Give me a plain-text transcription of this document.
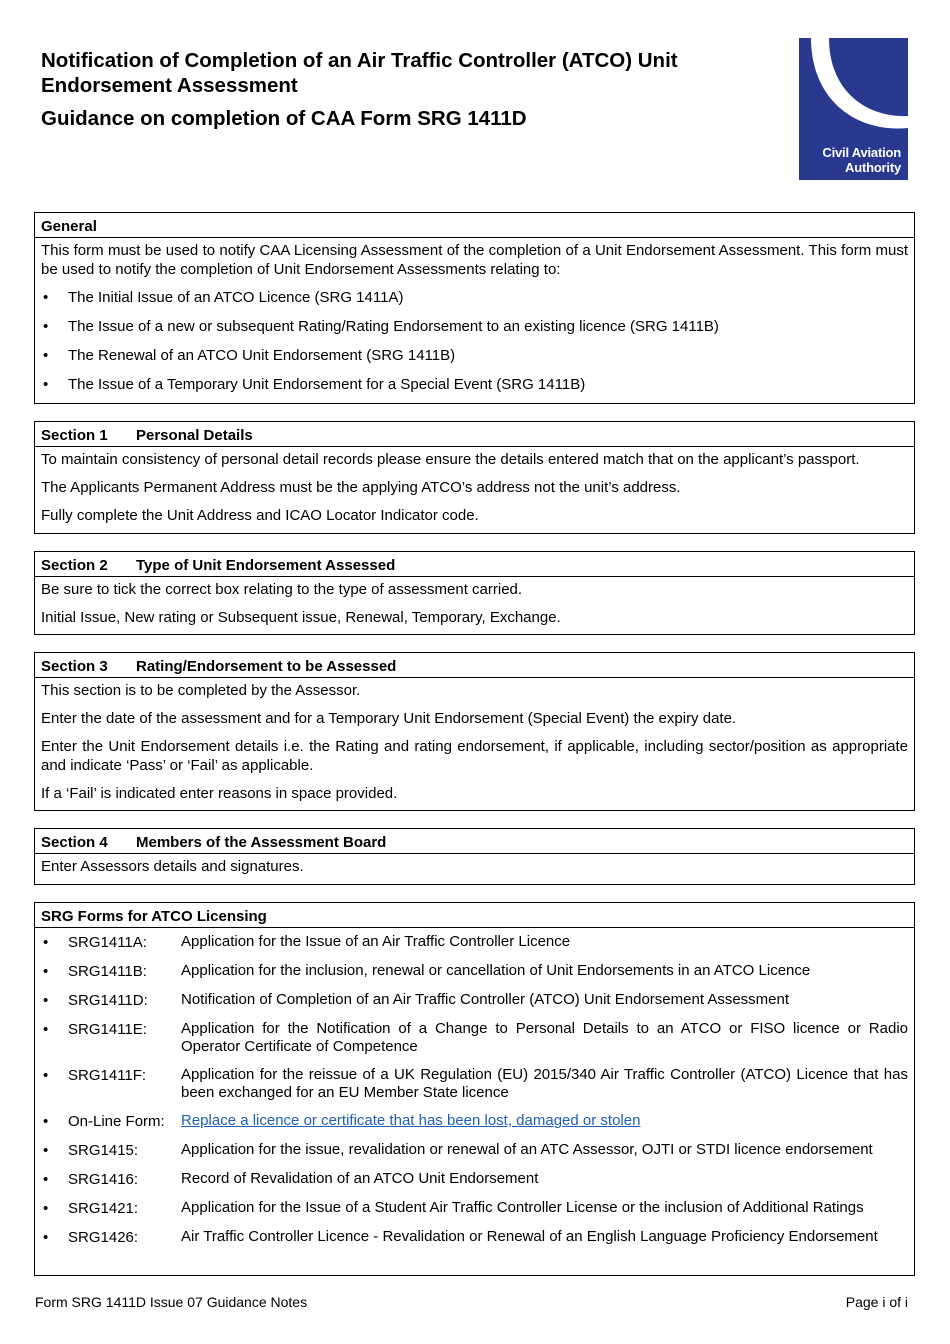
Notification of Completion of an Air Traffic Controller (ATCO) Unit Endorsement Assessment
Guidance on completion of CAA Form SRG 1411D
Civil Aviation
Authority
General

This form must be used to notify CAA Licensing Assessment of the completion of a Unit Endorsement Assessment. This form must be used to notify the completion of Unit Endorsement Assessments relating to:

•	The Initial Issue of an ATCO Licence (SRG 1411A)
•	The Issue of a new or subsequent Rating/Rating Endorsement to an existing licence (SRG 1411B)
•	The Renewal of an ATCO Unit Endorsement (SRG 1411B)
•	The Issue of a Temporary Unit Endorsement for a Special Event (SRG 1411B)
Section 1 Personal Details

To maintain consistency of personal detail records please ensure the details entered match that on the applicant’s passport.

The Applicants Permanent Address must be the applying ATCO’s address not the unit’s address.

Fully complete the Unit Address and ICAO Locator Indicator code.

Section 2 Type of Unit Endorsement Assessed

Be sure to tick the correct box relating to the type of assessment carried.

Initial Issue, New rating or Subsequent issue, Renewal, Temporary, Exchange.

Section 3 Rating/Endorsement to be Assessed

This section is to be completed by the Assessor.

Enter the date of the assessment and for a Temporary Unit Endorsement (Special Event) the expiry date.

Enter the Unit Endorsement details i.e. the Rating and rating endorsement, if applicable, including sector/position as appropriate and indicate ‘Pass’ or ‘Fail’ as applicable.

If a ‘Fail’ is indicated enter reasons in space provided.

Section 4 Members of the Assessment Board

Enter Assessors details and signatures.

SRG Forms for ATCO Licensing
•	SRG1411A:	Application for the Issue of an Air Traffic Controller Licence
•	SRG1411B:	Application for the inclusion, renewal or cancellation of Unit Endorsements in an ATCO Licence
•	SRG1411D:	Notification of Completion of an Air Traffic Controller (ATCO) Unit Endorsement Assessment
•	SRG1411E:	Application for the Notification of a Change to Personal Details to an ATCO or FISO licence or Radio Operator Certificate of Competence
•	SRG1411F:	Application for the reissue of a UK Regulation (EU) 2015/340 Air Traffic Controller (ATCO) Licence that has been exchanged for an EU Member State licence
•	On-Line Form:	Replace a licence or certificate that has been lost, damaged or stolen
•	SRG1415:	Application for the issue, revalidation or renewal of an ATC Assessor, OJTI or STDI licence endorsement
•	SRG1416:	Record of Revalidation of an ATCO Unit Endorsement
•	SRG1421:	Application for the Issue of a Student Air Traffic Controller License or the inclusion of Additional Ratings
•	SRG1426:	Air Traffic Controller Licence - Revalidation or Renewal of an English Language Proficiency Endorsement
Form SRG 1411D Issue 07 Guidance Notes	Page i of i
